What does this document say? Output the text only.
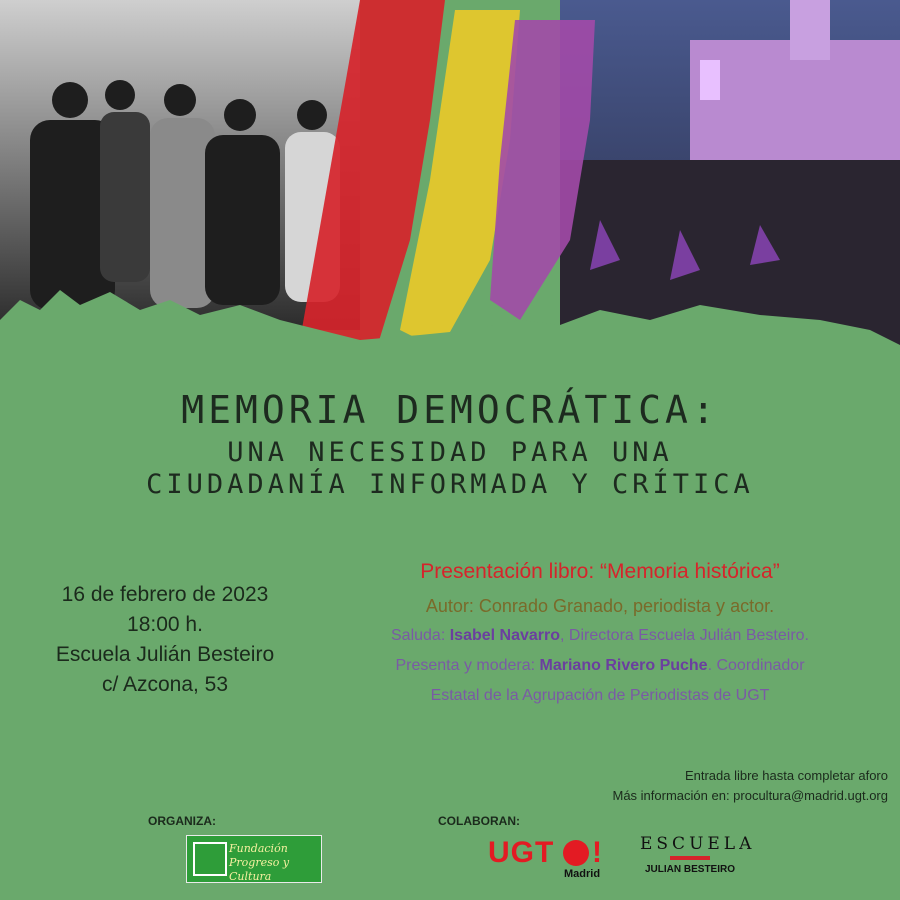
MEMORIA DEMOCRÁTICA:
UNA NECESIDAD PARA UNA
CIUDADANÍA INFORMADA Y CRÍTICA
16 de febrero de 2023
18:00 h.
Escuela Julián Besteiro
c/ Azcona, 53
Presentación libro: “Memoria histórica”
Autor: Conrado Granado, periodista y actor.
Saluda: Isabel Navarro, Directora Escuela Julián Besteiro.
Presenta y modera: Mariano Rivero Puche. Coordinador
Estatal de la Agrupación de Periodistas de UGT
Entrada libre hasta completar aforo
Más información en: procultura@madrid.ugt.org
ORGANIZA:	COLABORAN:
Fundación
Progreso y Cultura
UGT !
Madrid
ESCUELA
JULIAN BESTEIRO
